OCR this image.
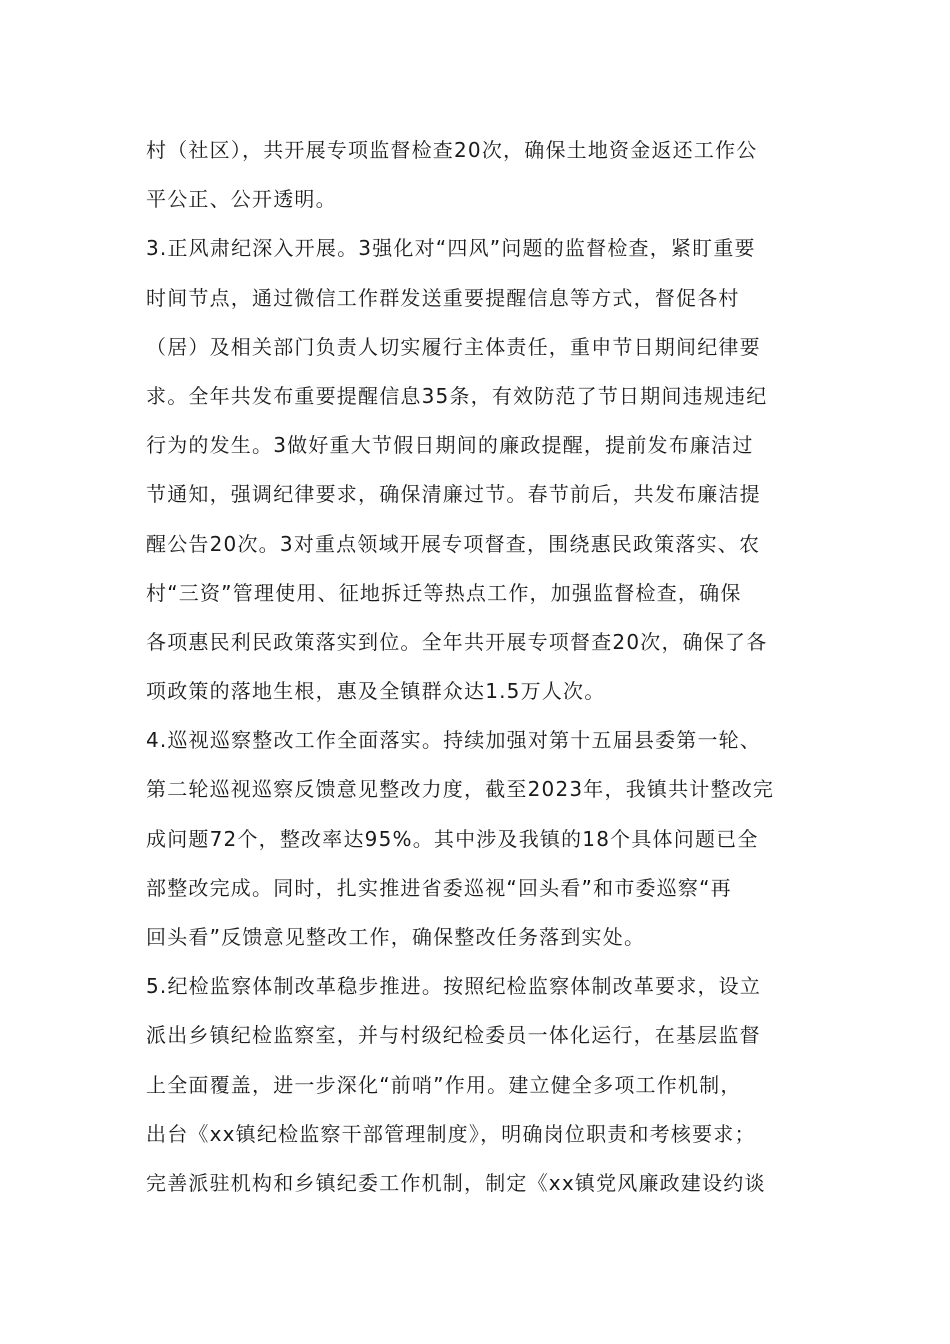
村（社区），共开展专项监督检查20次，确保土地资金返还工作公
平公正、公开透明。
3.正风肃纪深入开展。3强化对“四风”问题的监督检查，紧盯重要
时间节点，通过微信工作群发送重要提醒信息等方式，督促各村
（居）及相关部门负责人切实履行主体责任，重申节日期间纪律要
求。全年共发布重要提醒信息35条，有效防范了节日期间违规违纪
行为的发生。3做好重大节假日期间的廉政提醒，提前发布廉洁过
节通知，强调纪律要求，确保清廉过节。春节前后，共发布廉洁提
醒公告20次。3对重点领域开展专项督查，围绕惠民政策落实、农
村“三资”管理使用、征地拆迁等热点工作，加强监督检查，确保
各项惠民利民政策落实到位。全年共开展专项督查20次，确保了各
项政策的落地生根，惠及全镇群众达1.5万人次。
4.巡视巡察整改工作全面落实。持续加强对第十五届县委第一轮、
第二轮巡视巡察反馈意见整改力度，截至2023年，我镇共计整改完
成问题72个，整改率达95%。其中涉及我镇的18个具体问题已全
部整改完成。同时，扎实推进省委巡视“回头看”和市委巡察“再
回头看”反馈意见整改工作，确保整改任务落到实处。
5.纪检监察体制改革稳步推进。按照纪检监察体制改革要求，设立
派出乡镇纪检监察室，并与村级纪检委员一体化运行，在基层监督
上全面覆盖，进一步深化“前哨”作用。建立健全多项工作机制，
出台《xx镇纪检监察干部管理制度》，明确岗位职责和考核要求；
完善派驻机构和乡镇纪委工作机制，制定《xx镇党风廉政建设约谈
